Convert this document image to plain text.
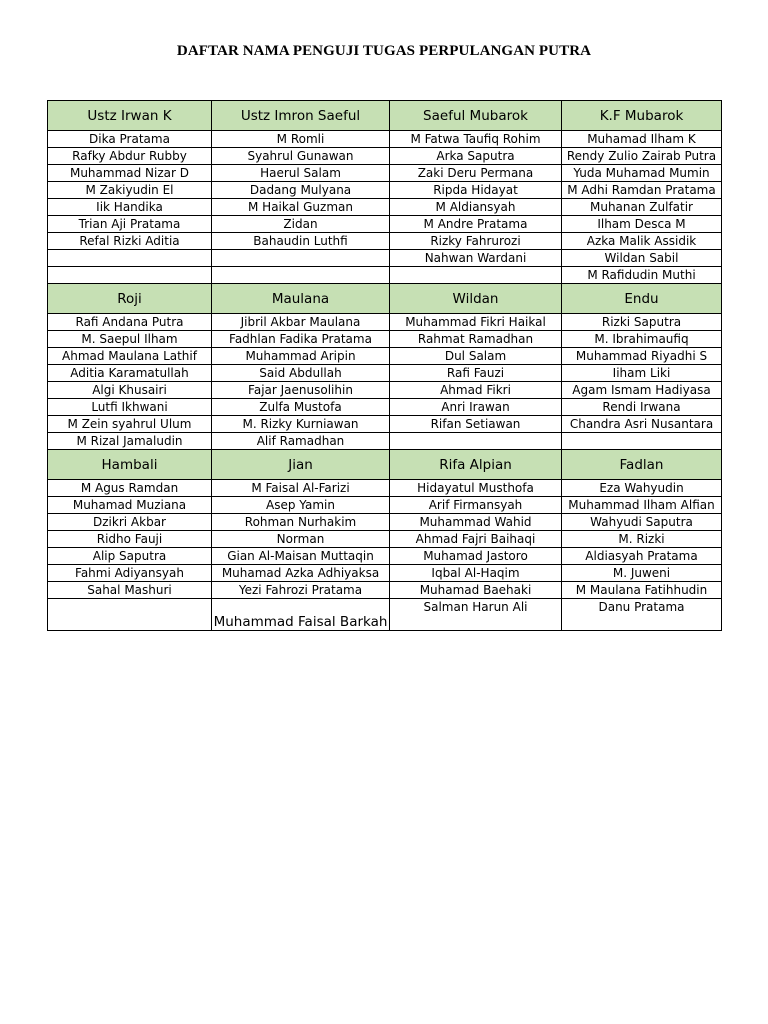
DAFTAR NAMA PENGUJI TUGAS PERPULANGAN PUTRA
Ustz Irwan K	Ustz Imron Saeful	Saeful Mubarok	K.F Mubarok
Dika Pratama	M Romli	M Fatwa Taufiq Rohim	Muhamad Ilham K
Rafky Abdur Rubby	Syahrul Gunawan	Arka Saputra	Rendy Zulio Zairab Putra
Muhammad Nizar D	Haerul Salam	Zaki Deru Permana	Yuda Muhamad Mumin
M Zakiyudin El	Dadang Mulyana	Ripda Hidayat	M Adhi Ramdan Pratama
Iik Handika	M Haikal Guzman	M Aldiansyah	Muhanan Zulfatir
Trian Aji Pratama	Zidan	M Andre Pratama	Ilham Desca M
Refal Rizki Aditia	Bahaudin Luthfi	Rizky Fahrurozi	Azka Malik Assidik
		Nahwan Wardani	Wildan Sabil
			M Rafidudin Muthi
Roji	Maulana	Wildan	Endu
Rafi Andana Putra	Jibril Akbar Maulana	Muhammad Fikri Haikal	Rizki Saputra
M. Saepul Ilham	Fadhlan Fadika Pratama	Rahmat Ramadhan	M. Ibrahimaufiq
Ahmad Maulana Lathif	Muhammad Aripin	Dul Salam	Muhammad Riyadhi S
Aditia Karamatullah	Said Abdullah	Rafi Fauzi	Iiham Liki
Algi Khusairi	Fajar Jaenusolihin	Ahmad Fikri	Agam Ismam Hadiyasa
Lutfi Ikhwani	Zulfa Mustofa	Anri Irawan	Rendi Irwana
M Zein syahrul Ulum	M. Rizky Kurniawan	Rifan Setiawan	Chandra Asri Nusantara
M Rizal Jamaludin	Alif Ramadhan		
Hambali	Jian	Rifa Alpian	Fadlan
M Agus Ramdan	M Faisal Al-Farizi	Hidayatul Musthofa	Eza Wahyudin
Muhamad Muziana	Asep Yamin	Arif Firmansyah	Muhammad Ilham Alfian
Dzikri Akbar	Rohman Nurhakim	Muhammad Wahid	Wahyudi Saputra
Ridho Fauji	Norman	Ahmad Fajri Baihaqi	M. Rizki
Alip Saputra	Gian Al-Maisan Muttaqin	Muhamad Jastoro	Aldiasyah Pratama
Fahmi Adiyansyah	Muhamad Azka Adhiyaksa	Iqbal Al-Haqim	M. Juweni
Sahal Mashuri	Yezi Fahrozi Pratama	Muhamad Baehaki	M Maulana Fatihhudin
	Muhammad Faisal Barkah	Salman Harun Ali	Danu Pratama
